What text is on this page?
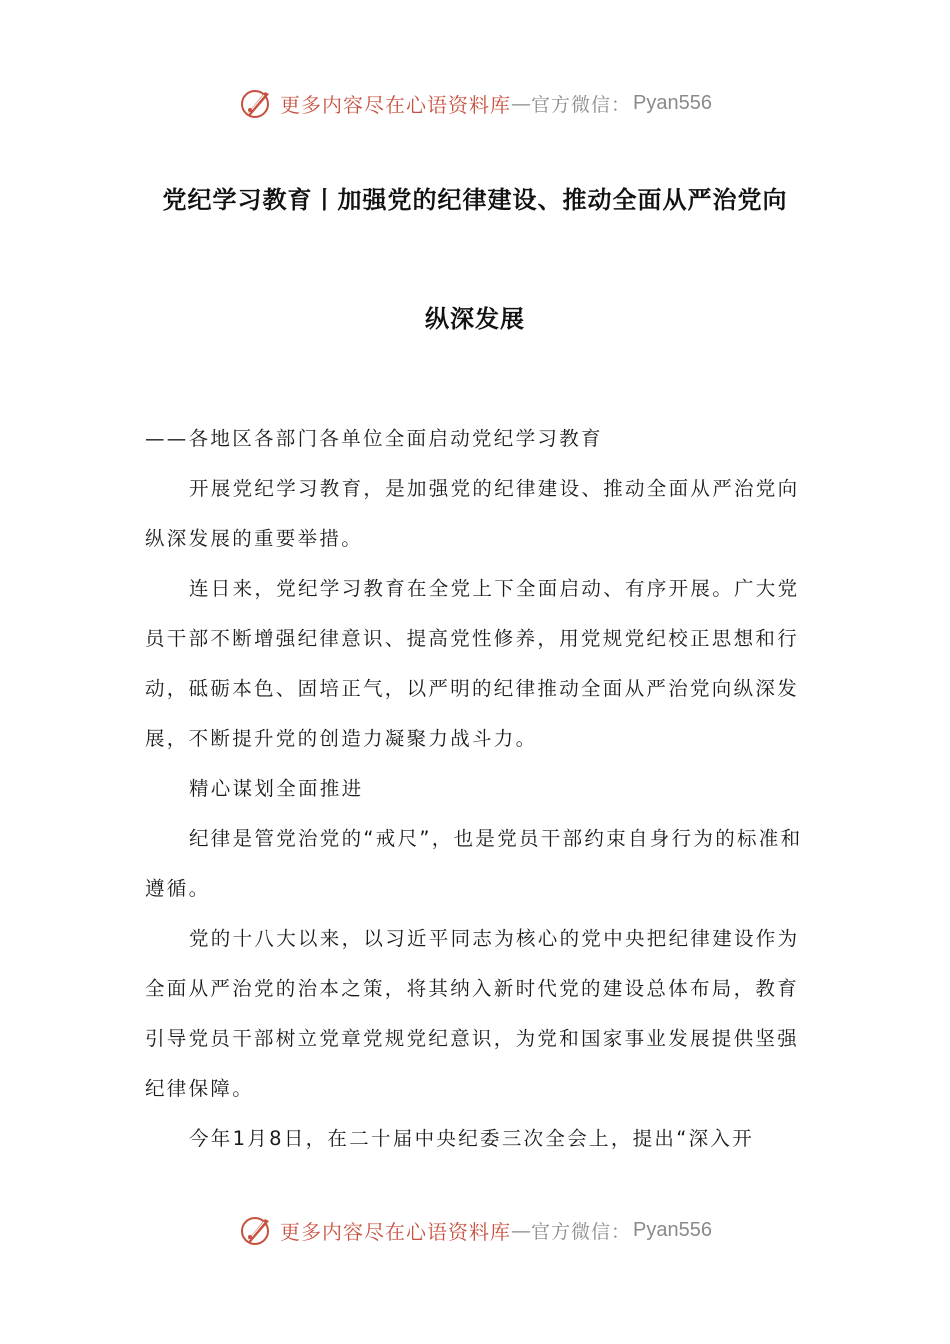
更多内容尽在心语资料库 — 官方微信： Pyan556
党纪学习教育丨加强党的纪律建设、推动全面从严治党向
纵深发展

——各地区各部门各单位全面启动党纪学习教育

开展党纪学习教育，是加强党的纪律建设、推动全面从严治党向纵深发展的重要举措。

连日来，党纪学习教育在全党上下全面启动、有序开展。广大党员干部不断增强纪律意识、提高党性修养，用党规党纪校正思想和行动，砥砺本色、固培正气，以严明的纪律推动全面从严治党向纵深发展，不断提升党的创造力凝聚力战斗力。

精心谋划全面推进

纪律是管党治党的“戒尺”，也是党员干部约束自身行为的标准和遵循。

党的十八大以来，以习近平同志为核心的党中央把纪律建设作为全面从严治党的治本之策，将其纳入新时代党的建设总体布局，教育引导党员干部树立党章党规党纪意识，为党和国家事业发展提供坚强纪律保障。

今年1月8日，在二十届中央纪委三次全会上，提出“深入开

更多内容尽在心语资料库 — 官方微信： Pyan556
